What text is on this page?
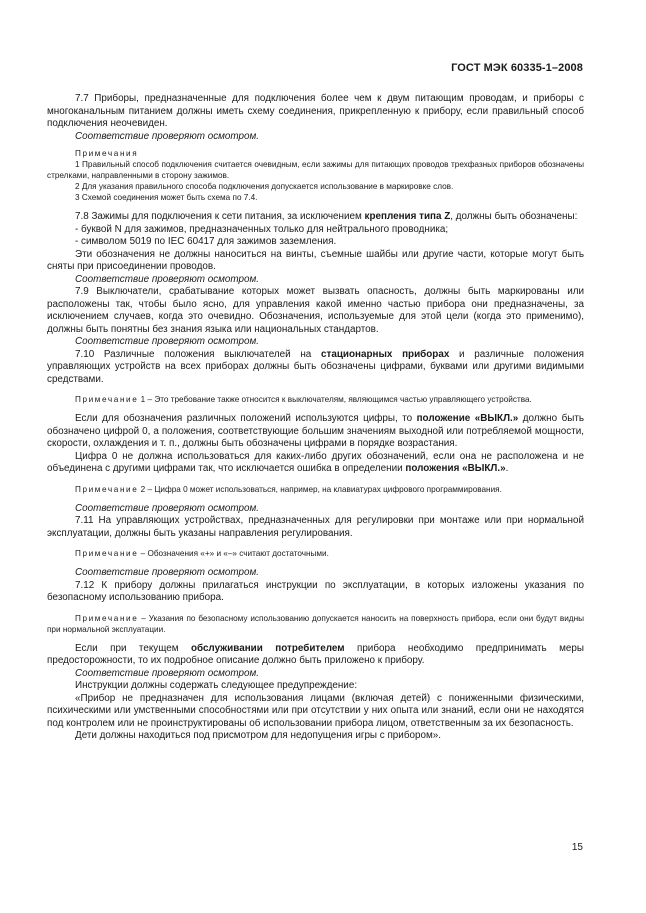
ГОСТ МЭК 60335-1–2008

7.7 Приборы, предназначенные для подключения более чем к двум питающим проводам, и приборы с многоканальным питанием должны иметь схему соединения, прикрепленную к прибору, если правильный способ подключения неочевиден.

Соответствие проверяют осмотром.

Примечания

1 Правильный способ подключения считается очевидным, если зажимы для питающих проводов трехфазных приборов обозначены стрелками, направленными в сторону зажимов.

2 Для указания правильного способа подключения допускается использование в маркировке слов.

3 Схемой соединения может быть схема по 7.4.

7.8 Зажимы для подключения к сети питания, за исключением крепления типа Z, должны быть обозначены:

- буквой N для зажимов, предназначенных только для нейтрального проводника;

- символом 5019 по IEC 60417 для зажимов заземления.

Эти обозначения не должны наноситься на винты, съемные шайбы или другие части, которые могут быть сняты при присоединении проводов.

Соответствие проверяют осмотром.

7.9 Выключатели, срабатывание которых может вызвать опасность, должны быть маркированы или расположены так, чтобы было ясно, для управления какой именно частью прибора они предназначены, за исключением случаев, когда это очевидно. Обозначения, используемые для этой цели (когда это применимо), должны быть понятны без знания языка или национальных стандартов.

Соответствие проверяют осмотром.

7.10 Различные положения выключателей на стационарных приборах и различные положения управляющих устройств на всех приборах должны быть обозначены цифрами, буквами или другими видимыми средствами.

Примечание 1 – Это требование также относится к выключателям, являющимся частью управляющего устройства.

Если для обозначения различных положений используются цифры, то положение «ВЫКЛ.» должно быть обозначено цифрой 0, а положения, соответствующие большим значениям выходной или потребляемой мощности, скорости, охлаждения и т. п., должны быть обозначены цифрами в порядке возрастания.

Цифра 0 не должна использоваться для каких-либо других обозначений, если она не расположена и не объединена с другими цифрами так, что исключается ошибка в определении положения «ВЫКЛ.».

Примечание 2 – Цифра 0 может использоваться, например, на клавиатурах цифрового программирования.

Соответствие проверяют осмотром.

7.11 На управляющих устройствах, предназначенных для регулировки при монтаже или при нормальной эксплуатации, должны быть указаны направления регулирования.

Примечание – Обозначения «+» и «–» считают достаточными.

Соответствие проверяют осмотром.

7.12 К прибору должны прилагаться инструкции по эксплуатации, в которых изложены указания по безопасному использованию прибора.

Примечание – Указания по безопасному использованию допускается наносить на поверхность прибора, если они будут видны при нормальной эксплуатации.

Если при текущем обслуживании потребителем прибора необходимо предпринимать меры предосторожности, то их подробное описание должно быть приложено к прибору.

Соответствие проверяют осмотром.

Инструкции должны содержать следующее предупреждение:

«Прибор не предназначен для использования лицами (включая детей) с пониженными физическими, психическими или умственными способностями или при отсутствии у них опыта или знаний, если они не находятся под контролем или не проинструктированы об использовании прибора лицом, ответственным за их безопасность.

Дети должны находиться под присмотром для недопущения игры с прибором».

15
